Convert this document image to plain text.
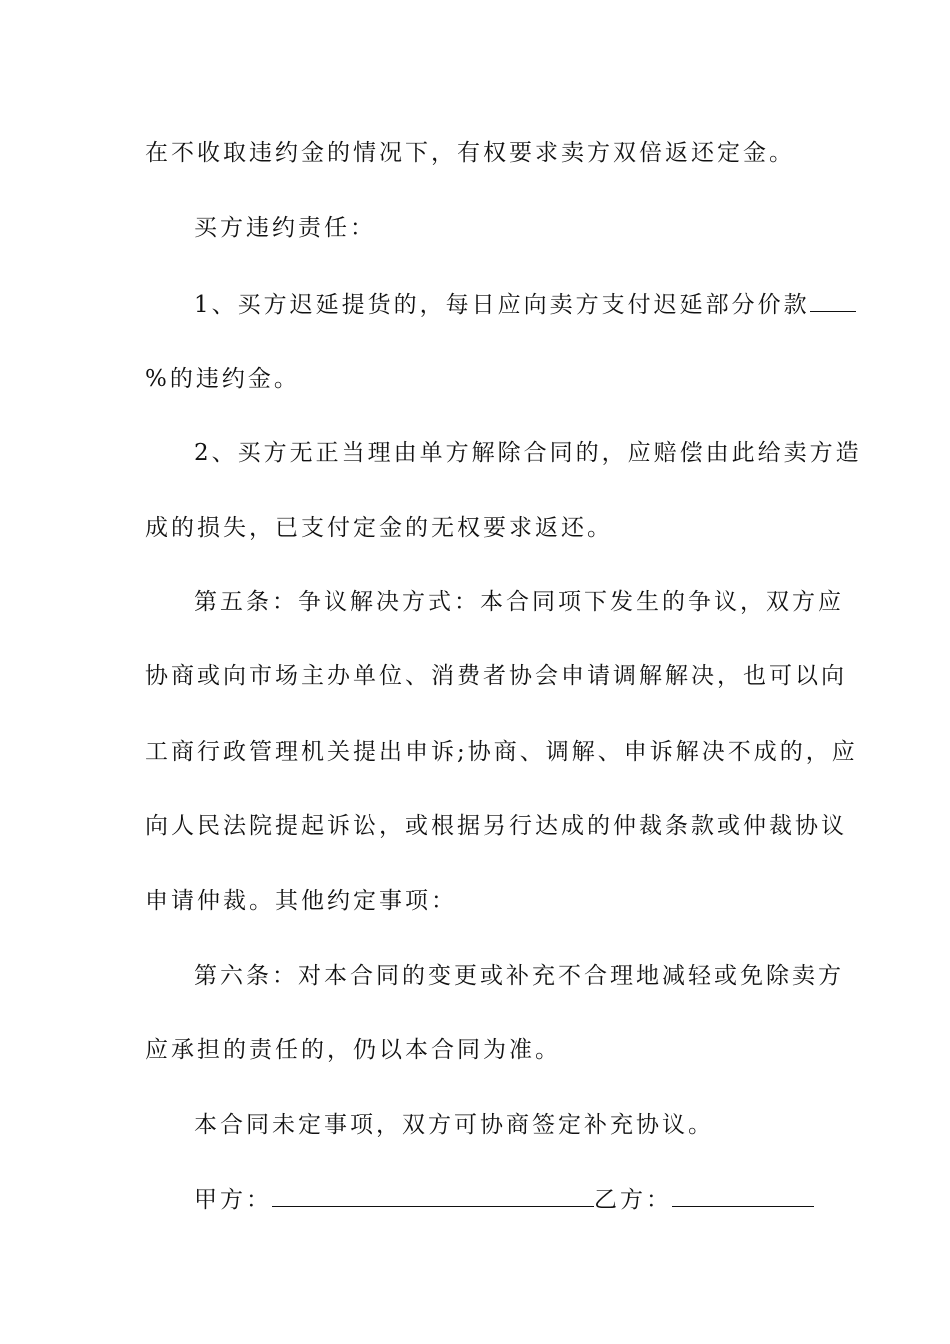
在不收取违约金的情况下，有权要求卖方双倍返还定金。
买方违约责任：
1、买方迟延提货的，每日应向卖方支付迟延部分价款
%的违约金。
2、买方无正当理由单方解除合同的，应赔偿由此给卖方造
成的损失，已支付定金的无权要求返还。
第五条：争议解决方式：本合同项下发生的争议，双方应
协商或向市场主办单位、消费者协会申请调解解决，也可以向
工商行政管理机关提出申诉;协商、调解、申诉解决不成的，应
向人民法院提起诉讼，或根据另行达成的仲裁条款或仲裁协议
申请仲裁。其他约定事项：
第六条：对本合同的变更或补充不合理地减轻或免除卖方
应承担的责任的，仍以本合同为准。
本合同未定事项，双方可协商签定补充协议。
甲方：	乙方：
